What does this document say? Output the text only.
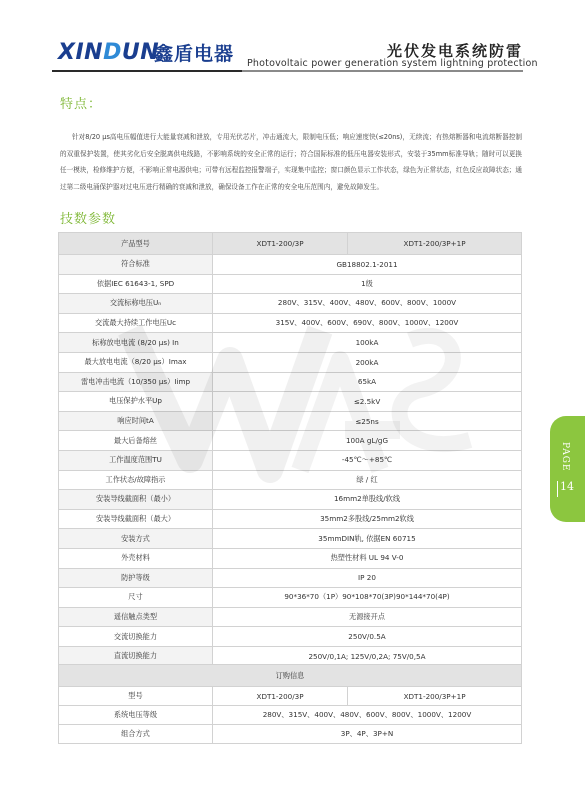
XINDUN
鑫盾电器	光伏发电系统防雷
Photovoltaic power generation system lightning protection
特点：

针对8/20 μs高电压幅值进行大能量衰减和泄放，专用光伏芯片，冲击通流大，限制电压低；响应速度快(≤20ns)，无续流；有热熔断器和电流熔断器控制的双重保护装置，使其劣化后安全脱离供电线路，不影响系统的安全正常的运行；符合国际标准的低压电器安装形式，安装于35mm标准导轨；随时可以更换任一模块，检修维护方便，不影响正常电源供电；可带有远程监控报警端子，实现集中监控；窗口颜色显示工作状态，绿色为正常状态，红色反应故障状态；通过第二级电涌保护器对过电压进行精确的衰减和泄放，确保设备工作在正常的安全电压范围内，避免故障发生。

技数参数
产品型号	XDT1-200/3P	XDT1-200/3P+1P
符合标准	GB18802.1-2011	
依据IEC 61643-1, SPD	1级	
交流标称电压Uₙ	280V、315V、400V、480V、600V、800V、1000V	
交流最大持续工作电压Uc	315V、400V、600V、690V、800V、1000V、1200V	
标称放电电流 (8/20 μs) In	100kA	
最大放电电流（8/20 μs）Imax	200kA	
雷电冲击电流（10/350 μs）Iimp	65kA	
电压保护水平Up	≤2.5kV	
响应时间tA	≤25ns	
最大后备熔丝	100A gL/gG	
工作温度范围TU	-45℃～+85℃	
工作状态/故障指示	绿 / 红	
安装导线截面积（最小）	16mm2单股线/软线	
安装导线截面积（最大）	35mm2多股线/25mm2软线	
安装方式	35mmDIN轨, 依据EN 60715	
外壳材料	热塑性材料 UL 94 V-0	
防护等级	IP 20	
尺寸	90*36*70（1P）90*108*70(3P)90*144*70(4P)	
遥信触点类型	无源接开点	
交流切换能力	250V/0.5A	
直流切换能力	250V/0,1A; 125V/0,2A; 75V/0,5A	

订购信息		
型号	XDT1-200/3P	XDT1-200/3P+1P
系统电压等级	280V、315V、400V、480V、600V、800V、1000V、1200V	
组合方式	3P、4P、3P+N	
PAGE
14
